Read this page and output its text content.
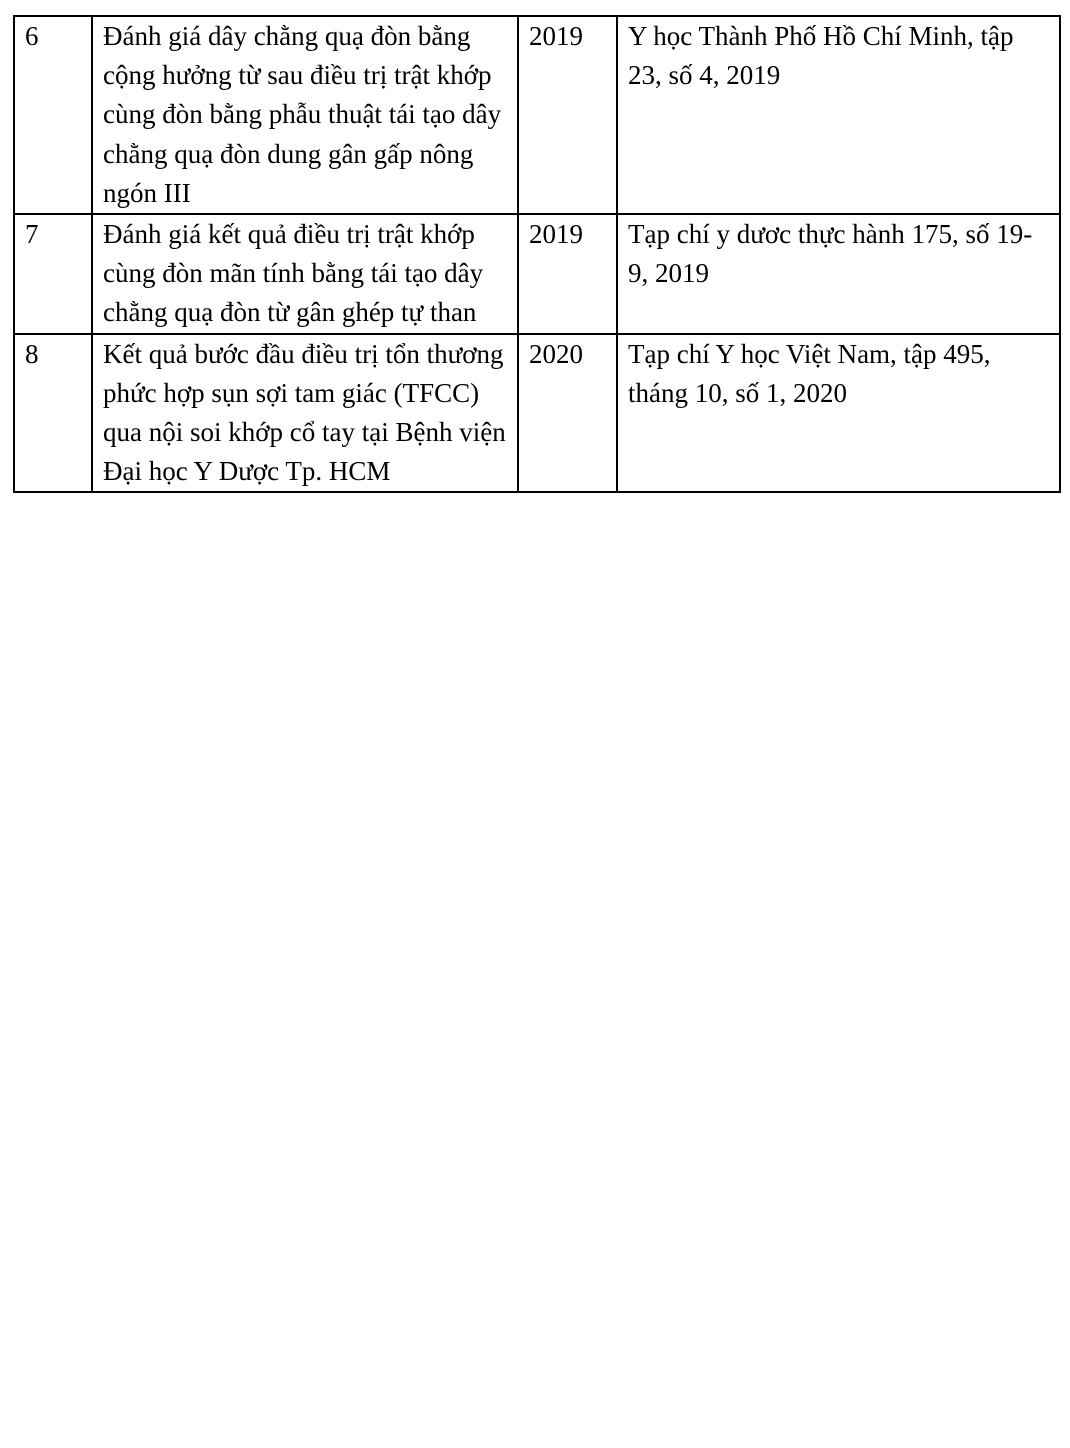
6	Đánh giá dây chằng quạ đòn bằng cộng hưởng từ sau điều trị trật khớp cùng đòn bằng phẫu thuật tái tạo dây chằng quạ đòn dung gân gấp nông ngón III	2019	Y học Thành Phố Hồ Chí Minh, tập 23, số 4, 2019
7	Đánh giá kết quả điều trị trật khớp cùng đòn mãn tính bằng tái tạo dây chằng quạ đòn từ gân ghép tự than	2019	Tạp chí y dươc thực hành 175, số 19-9, 2019
8	Kết quả bước đầu điều trị tổn thương phức hợp sụn sợi tam giác (TFCC) qua nội soi khớp cổ tay tại Bệnh viện Đại học Y Dược Tp. HCM	2020	Tạp chí Y học Việt Nam, tập 495, tháng 10, số 1, 2020
